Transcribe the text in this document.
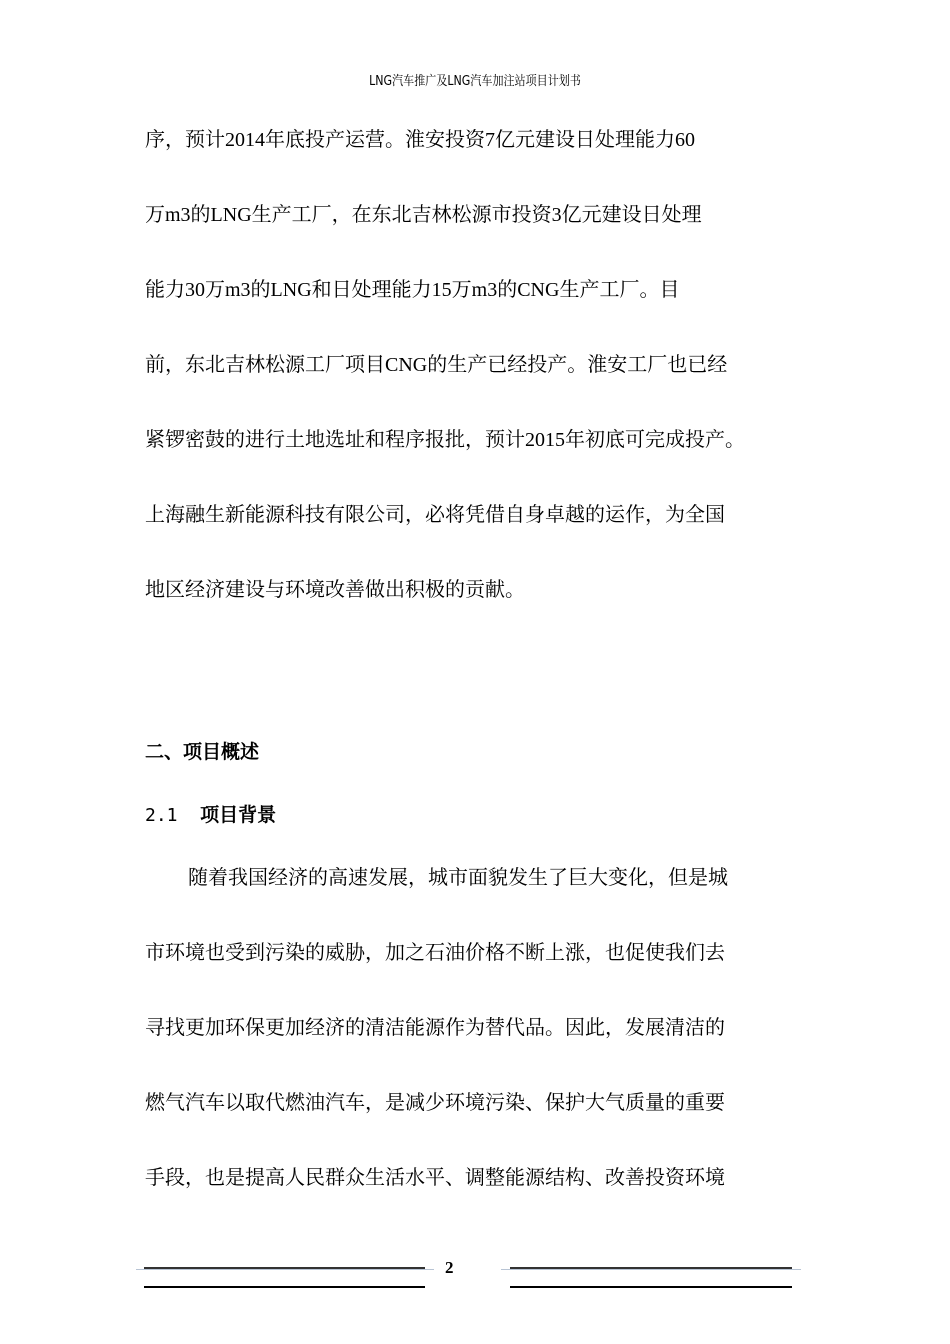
LNG汽车推广及LNG汽车加注站项目计划书
序，预计2014年底投产运营。淮安投资7亿元建设日处理能力60
万m3的LNG生产工厂，在东北吉林松源市投资3亿元建设日处理
能力30万m3的LNG和日处理能力15万m3的CNG生产工厂。目
前，东北吉林松源工厂项目CNG的生产已经投产。淮安工厂也已经
紧锣密鼓的进行土地选址和程序报批，预计2015年初底可完成投产。
上海融生新能源科技有限公司，必将凭借自身卓越的运作，为全国
地区经济建设与环境改善做出积极的贡献。
二、项目概述
2.1 项目背景
随着我国经济的高速发展，城市面貌发生了巨大变化，但是城
市环境也受到污染的威胁，加之石油价格不断上涨，也促使我们去
寻找更加环保更加经济的清洁能源作为替代品。因此，发展清洁的
燃气汽车以取代燃油汽车，是减少环境污染、保护大气质量的重要
手段，也是提高人民群众生活水平、调整能源结构、改善投资环境
2
